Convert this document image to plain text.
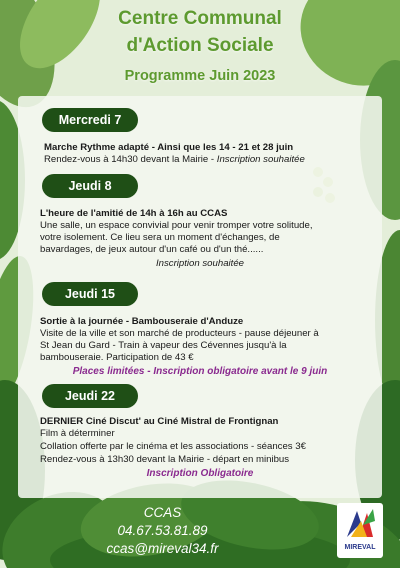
Centre Communal
d'Action Sociale
Programme Juin 2023
Mercredi 7
Marche Rythme adapté - Ainsi que les 14 - 21 et 28 juin
Rendez-vous à 14h30 devant la Mairie - Inscription souhaitée
Jeudi 8
L'heure de l'amitié de 14h à 16h au CCAS
Une salle, un espace convivial pour venir tromper votre solitude,
votre isolement. Ce lieu sera un moment d'échanges, de
bavardages, de jeux autour d'un café ou d'un thé......
Inscription souhaitée
Jeudi 15
Sortie à la journée - Bambouseraie d'Anduze
Visite de la ville et son marché de producteurs - pause déjeuner à
St Jean du Gard - Train à vapeur des Cévennes jusqu'à la
bambouseraie. Participation de 43 €
Places limitées - Inscription obligatoire avant le 9 juin
Jeudi 22
DERNIER Ciné Discut' au Ciné Mistral de Frontignan
Film à déterminer
Collation offerte par le cinéma et les associations - séances 3€
Rendez-vous à 13h30 devant la Mairie - départ en minibus
Inscription Obligatoire
CCAS
04.67.53.81.89
ccas@mireval34.fr	MIREVAL
